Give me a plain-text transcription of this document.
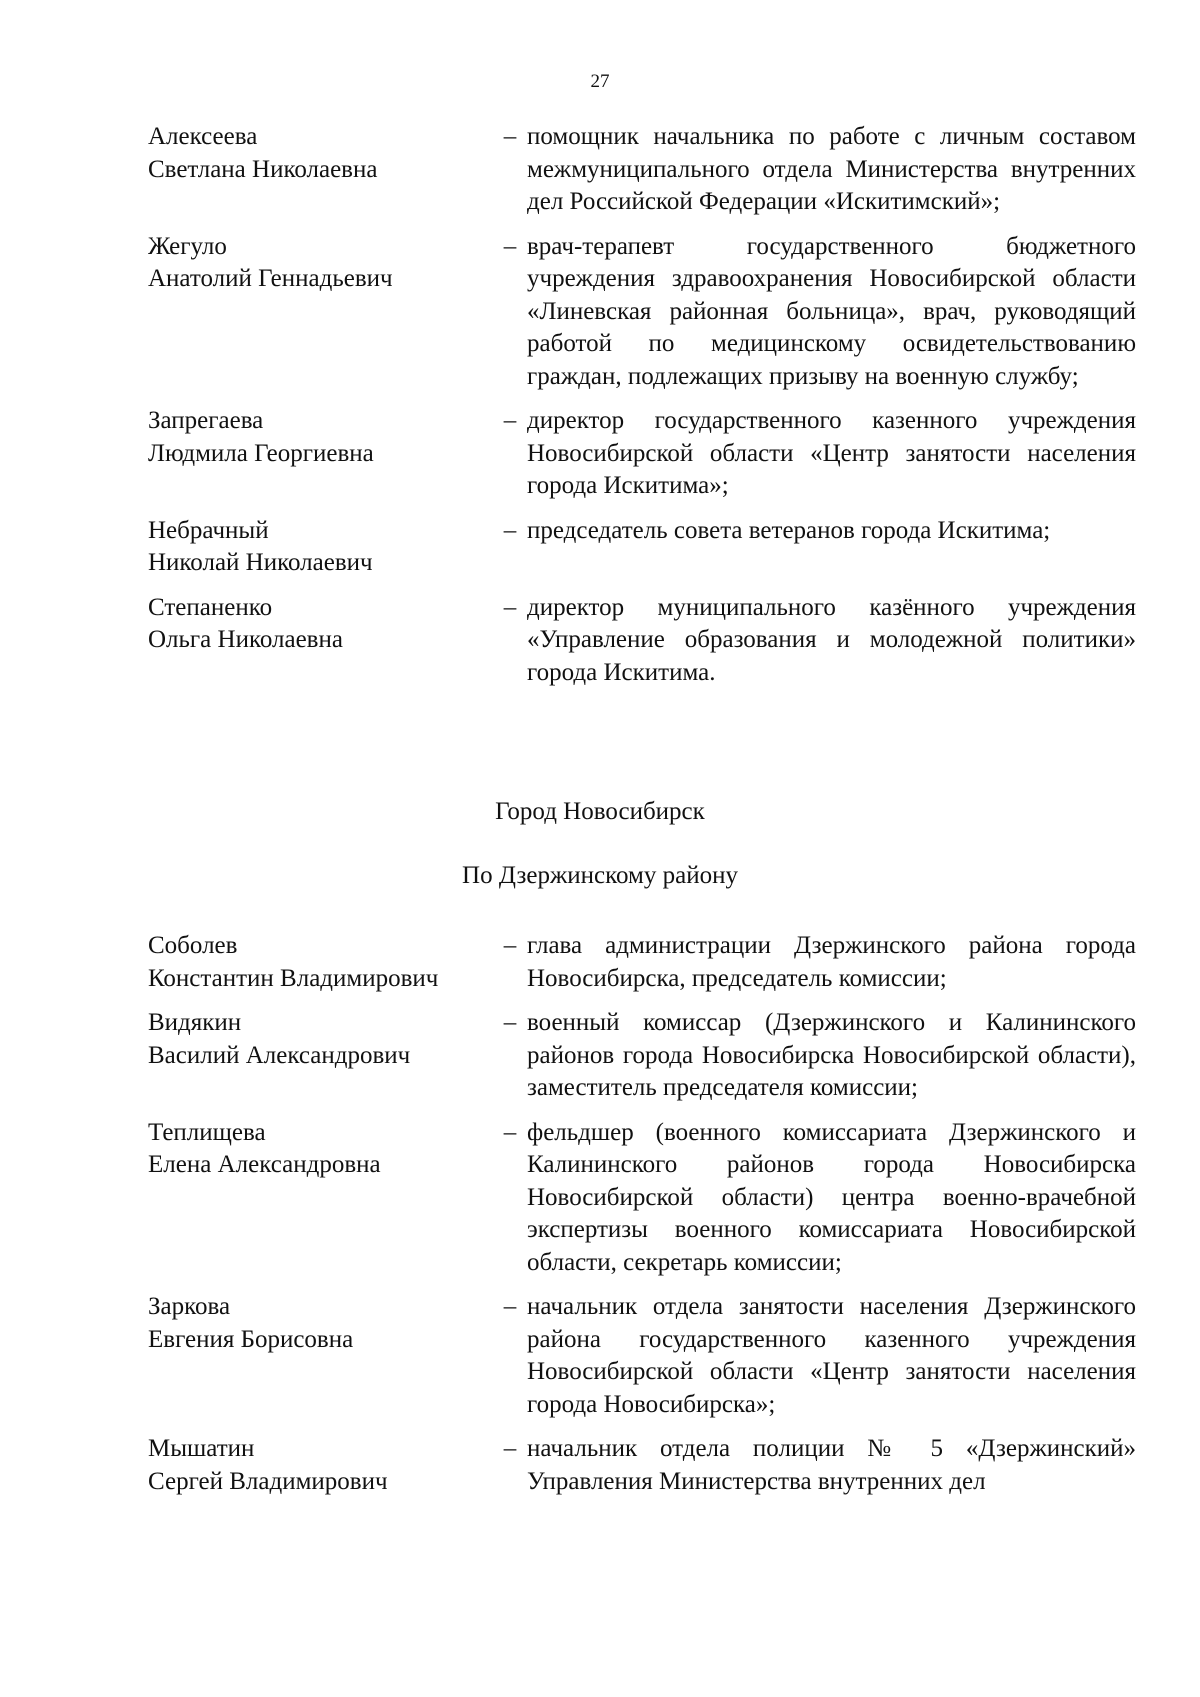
27
Алексеева
Светлана Николаевна
– помощник начальника по работе с личным составом межмуниципального отдела Министерства внутренних дел Российской Федерации «Искитимский»;
Жегуло
Анатолий Геннадьевич
– врач-терапевт государственного бюджетного учреждения здравоохранения Новосибирской области «Линевская районная больница», врач, руководящий работой по медицинскому освидетельствованию граждан, подлежащих призыву на военную службу;
Запрегаева
Людмила Георгиевна
– директор государственного казенного учреждения Новосибирской области «Центр занятости населения города Искитима»;
Небрачный
Николай Николаевич
– председатель совета ветеранов города Искитима;
Степаненко
Ольга Николаевна
– директор муниципального казённого учреждения «Управление образования и молодежной политики» города Искитима.
Город Новосибирск
По Дзержинскому району
Соболев
Константин Владимирович
– глава администрации Дзержинского района города Новосибирска, председатель комиссии;
Видякин
Василий Александрович
– военный комиссар (Дзержинского и Калининского районов города Новосибирска Новосибирской области), заместитель председателя комиссии;
Теплищева
Елена Александровна
– фельдшер (военного комиссариата Дзержинского и Калининского районов города Новосибирска Новосибирской области) центра военно-врачебной экспертизы военного комиссариата Новосибирской области, секретарь комиссии;
Заркова
Евгения Борисовна
– начальник отдела занятости населения Дзержинского района государственного казенного учреждения Новосибирской области «Центр занятости населения города Новосибирска»;
Мышатин
Сергей Владимирович
– начальник отдела полиции № 5 «Дзержинский» Управления Министерства внутренних дел
